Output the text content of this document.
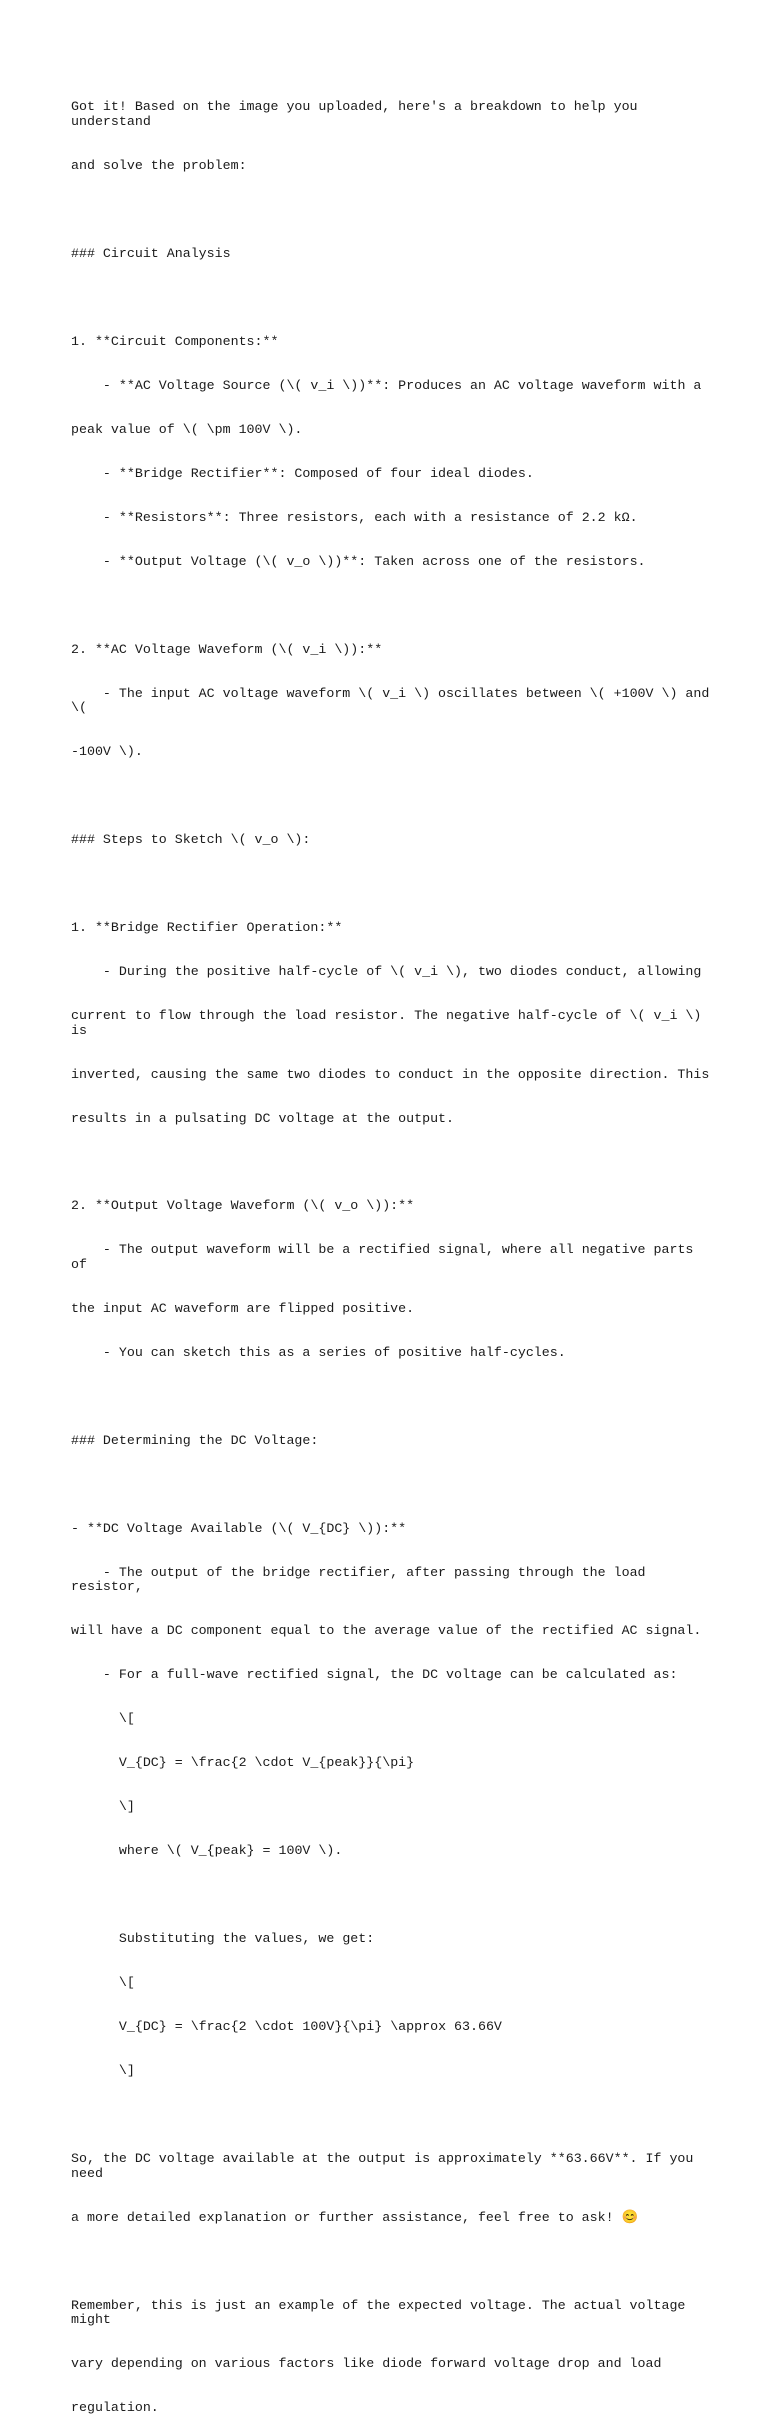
Got it! Based on the image you uploaded, here's a breakdown to help you understand

and solve the problem:

### Circuit Analysis

1. **Circuit Components:**

- **AC Voltage Source (\( v_i \))**: Produces an AC voltage waveform with a

peak value of \( \pm 100V \).

- **Bridge Rectifier**: Composed of four ideal diodes.

- **Resistors**: Three resistors, each with a resistance of 2.2 kΩ.

- **Output Voltage (\( v_o \))**: Taken across one of the resistors.

2. **AC Voltage Waveform (\( v_i \)):**

- The input AC voltage waveform \( v_i \) oscillates between \( +100V \) and \(

-100V \).

### Steps to Sketch \( v_o \):

1. **Bridge Rectifier Operation:**

- During the positive half-cycle of \( v_i \), two diodes conduct, allowing

current to flow through the load resistor. The negative half-cycle of \( v_i \) is

inverted, causing the same two diodes to conduct in the opposite direction. This

results in a pulsating DC voltage at the output.

2. **Output Voltage Waveform (\( v_o \)):**

- The output waveform will be a rectified signal, where all negative parts of

the input AC waveform are flipped positive.

- You can sketch this as a series of positive half-cycles.

### Determining the DC Voltage:

- **DC Voltage Available (\( V_{DC} \)):**

- The output of the bridge rectifier, after passing through the load resistor,

will have a DC component equal to the average value of the rectified AC signal.

- For a full-wave rectified signal, the DC voltage can be calculated as:

\[

V_{DC} = \frac{2 \cdot V_{peak}}{\pi}

\]

where \( V_{peak} = 100V \).

Substituting the values, we get:

\[

V_{DC} = \frac{2 \cdot 100V}{\pi} \approx 63.66V

\]

So, the DC voltage available at the output is approximately **63.66V**. If you need

a more detailed explanation or further assistance, feel free to ask! 😊

Remember, this is just an example of the expected voltage. The actual voltage might

vary depending on various factors like diode forward voltage drop and load

regulation.
